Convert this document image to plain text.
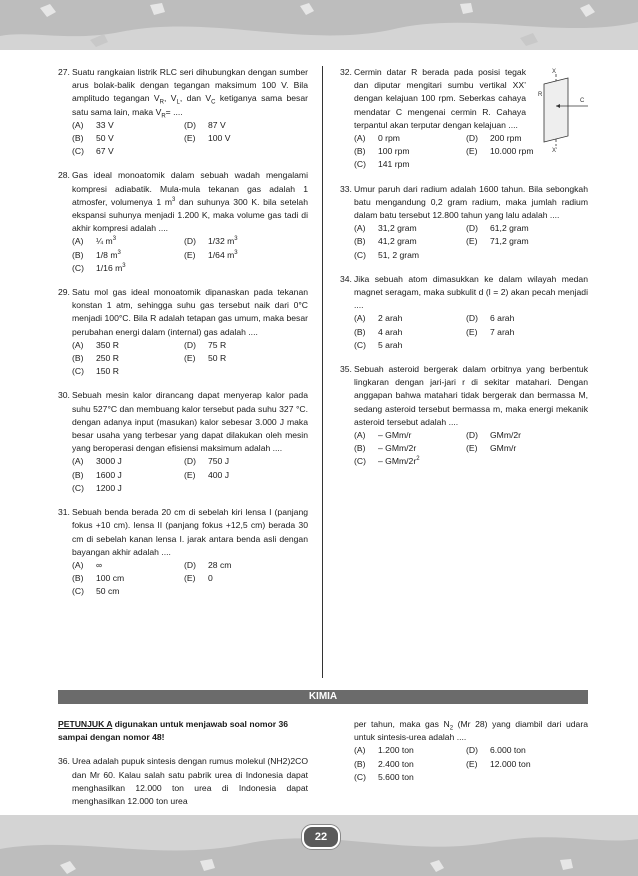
27. Suatu rangkaian listrik RLC seri dihubungkan dengan sumber arus bolak-balik dengan tegangan maksimum 100 V. Bila amplitudo tegangan $V_R$, $V_L$, dan $V_C$ ketiganya sama besar satu sama lain, maka $V_R=$ ....
(A) 33 V	(D) 87 V
(B) 50 V	(E) 100 V
(C) 67 V
28. Gas ideal monoatomik dalam sebuah wadah mengalami kompresi adiabatik. Mula-mula tekanan gas adalah 1 atmosfer, volumenya 1 $m^3$ dan suhunya 300 K. bila setelah ekspansi suhunya menjadi 1.200 K, maka volume gas tadi di akhir kompresi adalah ....
(A) ¼ $m^3$	(D) 1/32 $m^3$
(B) 1/8 $m^3$	(E) 1/64 $m^3$
(C) 1/16 $m^3$
29. Satu mol gas ideal monoatomik dipanaskan pada tekanan konstan 1 atm, sehingga suhu gas tersebut naik dari 0°C menjadi 100°C. Bila R adalah tetapan gas umum, maka besar perubahan energi dalam (internal) gas adalah ....
(A) 350 R	(D) 75 R
(B) 250 R	(E) 50 R
(C) 150 R
30. Sebuah mesin kalor dirancang dapat menyerap kalor pada suhu 527°C dan membuang kalor tersebut pada suhu 327 °C. dengan adanya input (masukan) kalor sebesar 3.000 J maka besar usaha yang terbesar yang dapat dilakukan oleh mesin yang beroperasi dengan efisiensi maksimum adalah ....
(A) 3000 J	(D) 750 J
(B) 1600 J	(E) 400 J
(C) 1200 J
31. Sebuah benda berada 20 cm di sebelah kiri lensa I (panjang fokus +10 cm). lensa II (panjang fokus +12,5 cm) berada 30 cm di sebelah kanan lensa I. jarak antara benda asli dengan bayangan akhir adalah ....
(A) ∞	(D) 28 cm
(B) 100 cm	(E) 0
(C) 50 cm
32.	X
X'
R
C
Cermin datar R berada pada posisi tegak dan diputar mengitari sumbu vertikal XX’ dengan kelajuan 100 rpm. Seberkas cahaya mendatar C mengenai cermin R. Cahaya terpantul akan terputar dengan kelajuan ....
(A) 0 rpm	(D) 200 rpm
(B) 100 rpm	(E) 10.000 rpm
(C) 141 rpm
33. Umur paruh dari radium adalah 1600 tahun. Bila sebongkah batu mengandung 0,2 gram radium, maka jumlah radium dalam batu tersebut 12.800 tahun yang lalu adalah ....
(A) 31,2 gram	(D) 61,2 gram
(B) 41,2 gram	(E) 71,2 gram
(C) 51, 2 gram
34. Jika sebuah atom dimasukkan ke dalam wilayah medan magnet seragam, maka subkulit d (l = 2) akan pecah menjadi ....
(A) 2 arah	(D) 6 arah
(B) 4 arah	(E) 7 arah
(C) 5 arah
35. Sebuah asteroid bergerak dalam orbitnya yang berbentuk lingkaran dengan jari-jari r di sekitar matahari. Dengan anggapan bahwa matahari tidak bergerak dan bermassa M, sedang asteroid tersebut bermassa m, maka energi mekanik asteroid tersebut adalah ....
(A) – GMm/r	(D) GMm/2r
(B) – GMm/2r	(E) GMm/r
(C) – GMm/$2r^2$
KIMIA
PETUNJUK A digunakan untuk menjawab soal nomor 36 sampai dengan nomor 48!
36. Urea adalah pupuk sintesis dengan rumus molekul (NH2)2CO dan Mr 60. Kalau salah satu pabrik urea di Indonesia dapat menghasilkan 12.000 ton urea di Indonesia dapat menghasilkan 12.000 ton urea
per tahun, maka gas $N_2$ (Mr 28) yang diambil dari udara untuk sintesis-urea adalah ....
(A) 1.200 ton	(D) 6.000 ton
(B) 2.400 ton	(E) 12.000 ton
(C) 5.600 ton
22
